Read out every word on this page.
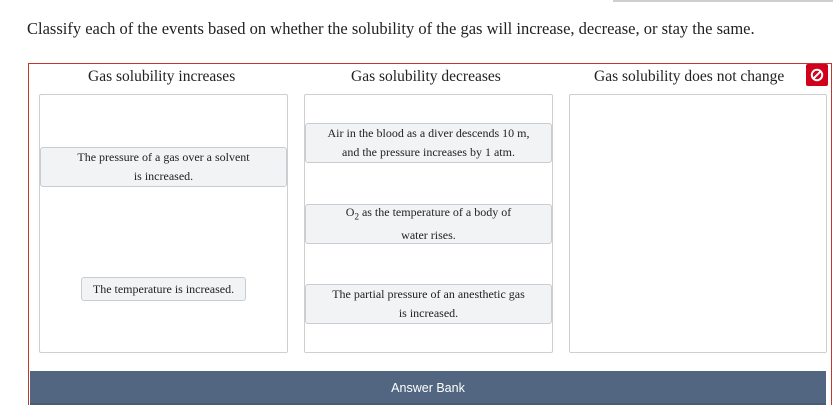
Classify each of the events based on whether the solubility of the gas will increase, decrease, or stay the same.
Gas solubility increases	Gas solubility decreases	Gas solubility does not change
The pressure of a gas over a solvent
is increased.
The temperature is increased.
Air in the blood as a diver descends 10 m,
and the pressure increases by 1 atm.
$O_2$ as the temperature of a body of
water rises.
The partial pressure of an anesthetic gas
is increased.
Answer Bank
